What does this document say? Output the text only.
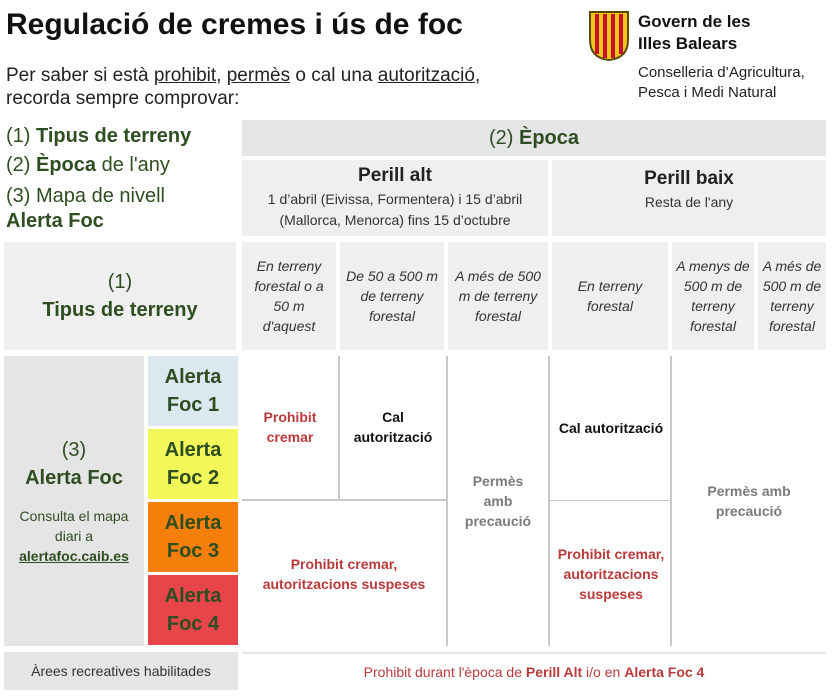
Regulació de cremes i ús de foc
Per saber si està prohibit, permès o cal una autorització,
recorda sempre comprovar:
Govern de les
Illes Balears
Conselleria d’Agricultura,
Pesca i Medi Natural
(1) Tipus de terreny
(2) Època de l'any
(3) Mapa de nivell
Alerta Foc
(2) Època
Perill alt
1 d’abril (Eivissa, Formentera) i 15 d’abril
(Mallorca, Menorca) fins 15 d’octubre
Perill baix
Resta de l'any
(1)
Tipus de terreny
En terreny forestal o a 50 m d'aquest
De 50 a 500 m de terreny forestal
A més de 500 m de terreny forestal
En terreny forestal
A menys de 500 m de terreny forestal
A més de 500 m de terreny forestal
(3)
Alerta Foc
Consulta el mapa
diari a
alertafoc.caib.es
Alerta
Foc 1
Alerta
Foc 2
Alerta
Foc 3
Alerta
Foc 4
Prohibit cremar
Cal autorització
Permès amb precaució
Cal autorització
Permès amb precaució
Prohibit cremar, autoritzacions suspeses
Prohibit cremar, autoritzacions suspeses
Àrees recreatives habilitades	Prohibit durant l'època de Perill Alt i/o en Alerta Foc 4
